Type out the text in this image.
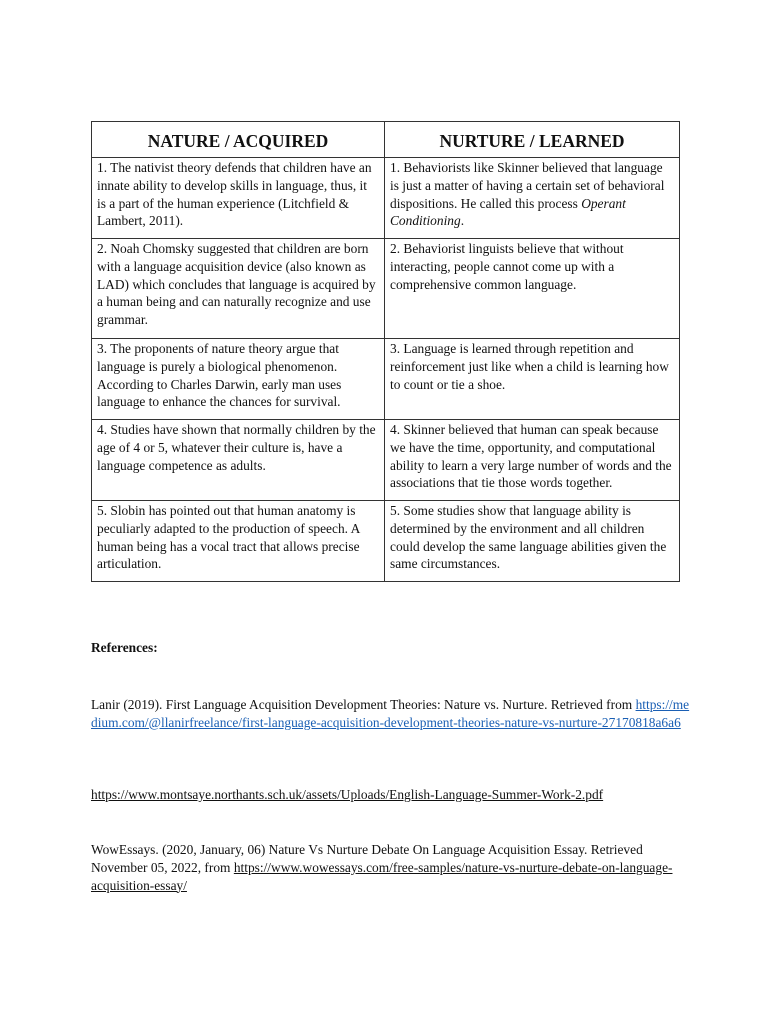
NATURE / ACQUIRED	NURTURE / LEARNED
1. The nativist theory defends that children have an innate ability to develop skills in language, thus, it is a part of the human experience (Litchfield & Lambert, 2011).	1. Behaviorists like Skinner believed that language is just a matter of having a certain set of behavioral dispositions. He called this process Operant Conditioning.
2. Noah Chomsky suggested that children are born with a language acquisition device (also known as LAD) which concludes that language is acquired by a human being and can naturally recognize and use grammar.	2. Behaviorist linguists believe that without interacting, people cannot come up with a comprehensive common language.
3. The proponents of nature theory argue that language is purely a biological phenomenon. According to Charles Darwin, early man uses language to enhance the chances for survival.	3. Language is learned through repetition and reinforcement just like when a child is learning how to count or tie a shoe.
4. Studies have shown that normally children by the age of 4 or 5, whatever their culture is, have a language competence as adults.	4. Skinner believed that human can speak because we have the time, opportunity, and computational ability to learn a very large number of words and the associations that tie those words together.
5. Slobin has pointed out that human anatomy is peculiarly adapted to the production of speech. A human being has a vocal tract that allows precise articulation.	5. Some studies show that language ability is determined by the environment and all children could develop the same language abilities given the same circumstances.
References:
Lanir (2019). First Language Acquisition Development Theories: Nature vs. Nurture. Retrieved from https://medium.com/@llanirfreelance/first-language-acquisition-development-theories-nature-vs-nurture-27170818a6a6
https://www.montsaye.northants.sch.uk/assets/Uploads/English-Language-Summer-Work-2.pdf
WowEssays. (2020, January, 06) Nature Vs Nurture Debate On Language Acquisition Essay. Retrieved November 05, 2022, from https://www.wowessays.com/free-samples/nature-vs-nurture-debate-on-language-acquisition-essay/
